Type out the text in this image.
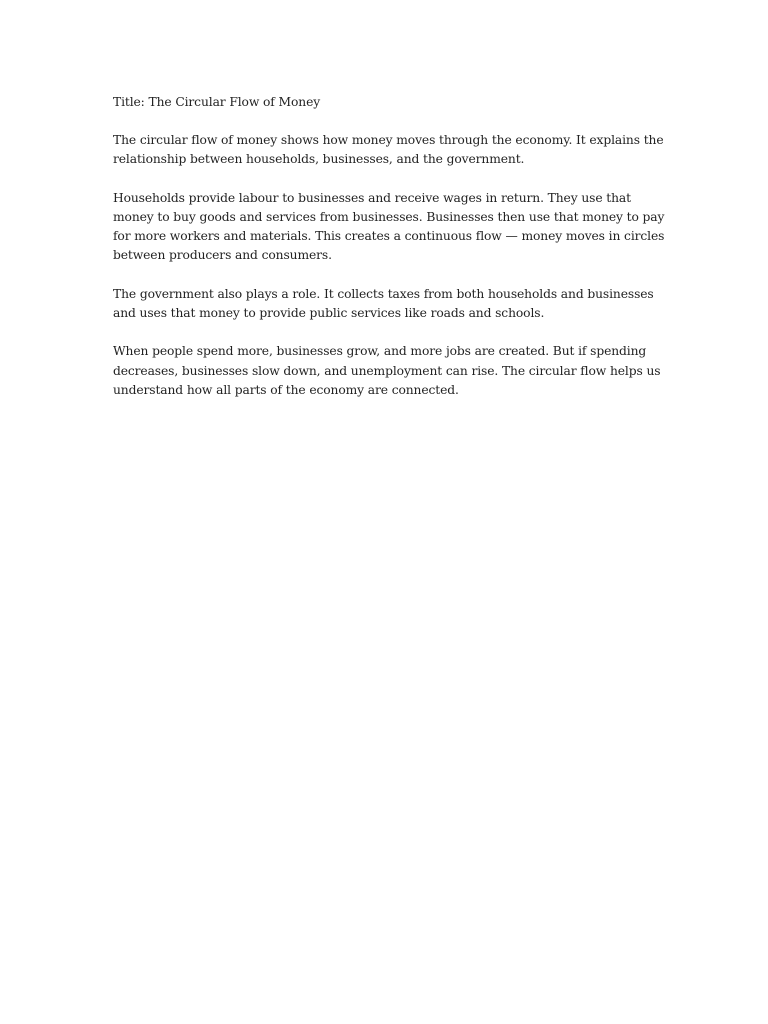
Title: The Circular Flow of Money

The circular flow of money shows how money moves through the economy. It explains the relationship between households, businesses, and the government.

Households provide labour to businesses and receive wages in return. They use that money to buy goods and services from businesses. Businesses then use that money to pay for more workers and materials. This creates a continuous flow — money moves in circles between producers and consumers.

The government also plays a role. It collects taxes from both households and businesses and uses that money to provide public services like roads and schools.

When people spend more, businesses grow, and more jobs are created. But if spending decreases, businesses slow down, and unemployment can rise. The circular flow helps us understand how all parts of the economy are connected.
